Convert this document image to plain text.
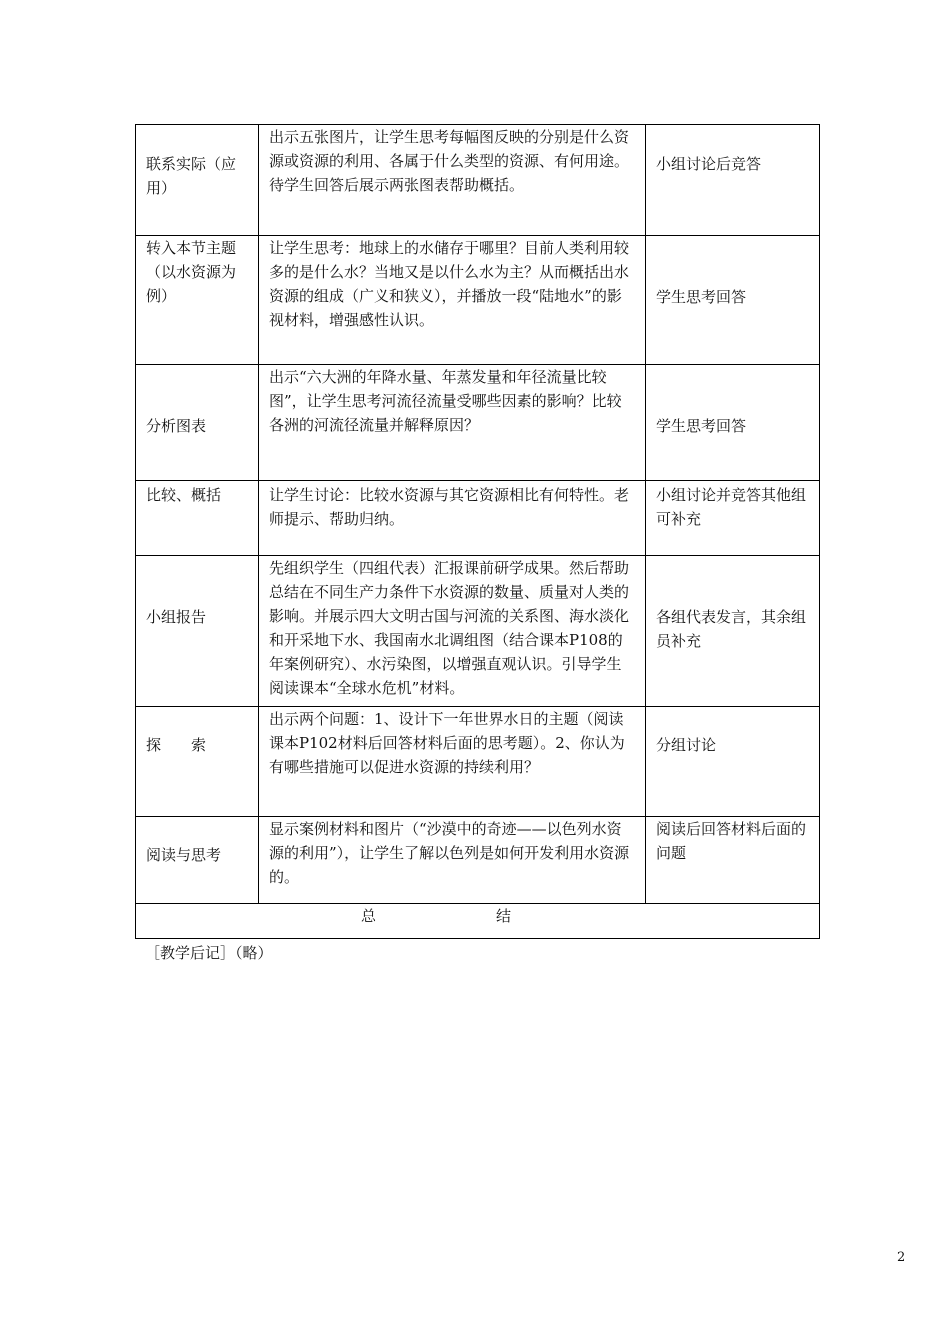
联系实际（应用）	出示五张图片，让学生思考每幅图反映的分别是什么资源或资源的利用、各属于什么类型的资源、有何用途。待学生回答后展示两张图表帮助概括。	小组讨论后竞答

转入本节主题（以水资源为例）	让学生思考：地球上的水储存于哪里？目前人类利用较多的是什么水？当地又是以什么水为主？从而概括出水资源的组成（广义和狭义），并播放一段“陆地水”的影视材料，增强感性认识。	学生思考回答

分析图表	出示“六大洲的年降水量、年蒸发量和年径流量比较图”，让学生思考河流径流量受哪些因素的影响？比较各洲的河流径流量并解释原因？	学生思考回答

比较、概括	让学生讨论：比较水资源与其它资源相比有何特性。老师提示、帮助归纳。	小组讨论并竞答其他组可补充

小组报告	先组织学生（四组代表）汇报课前研学成果。然后帮助总结在不同生产力条件下水资源的数量、质量对人类的影响。并展示四大文明古国与河流的关系图、海水淡化和开采地下水、我国南水北调组图（结合课本P108的年案例研究）、水污染图，以增强直观认识。引导学生阅读课本“全球水危机”材料。	各组代表发言，其余组员补充

探　　索	出示两个问题：1、设计下一年世界水日的主题（阅读课本P102材料后回答材料后面的思考题）。2、你认为有哪些措施可以促进水资源的持续利用？	分组讨论

阅读与思考	显示案例材料和图片（“沙漠中的奇迹——以色列水资源的利用”），让学生了解以色列是如何开发利用水资源的。	阅读后回答材料后面的问题

总 结		
［教学后记］（略）
2
